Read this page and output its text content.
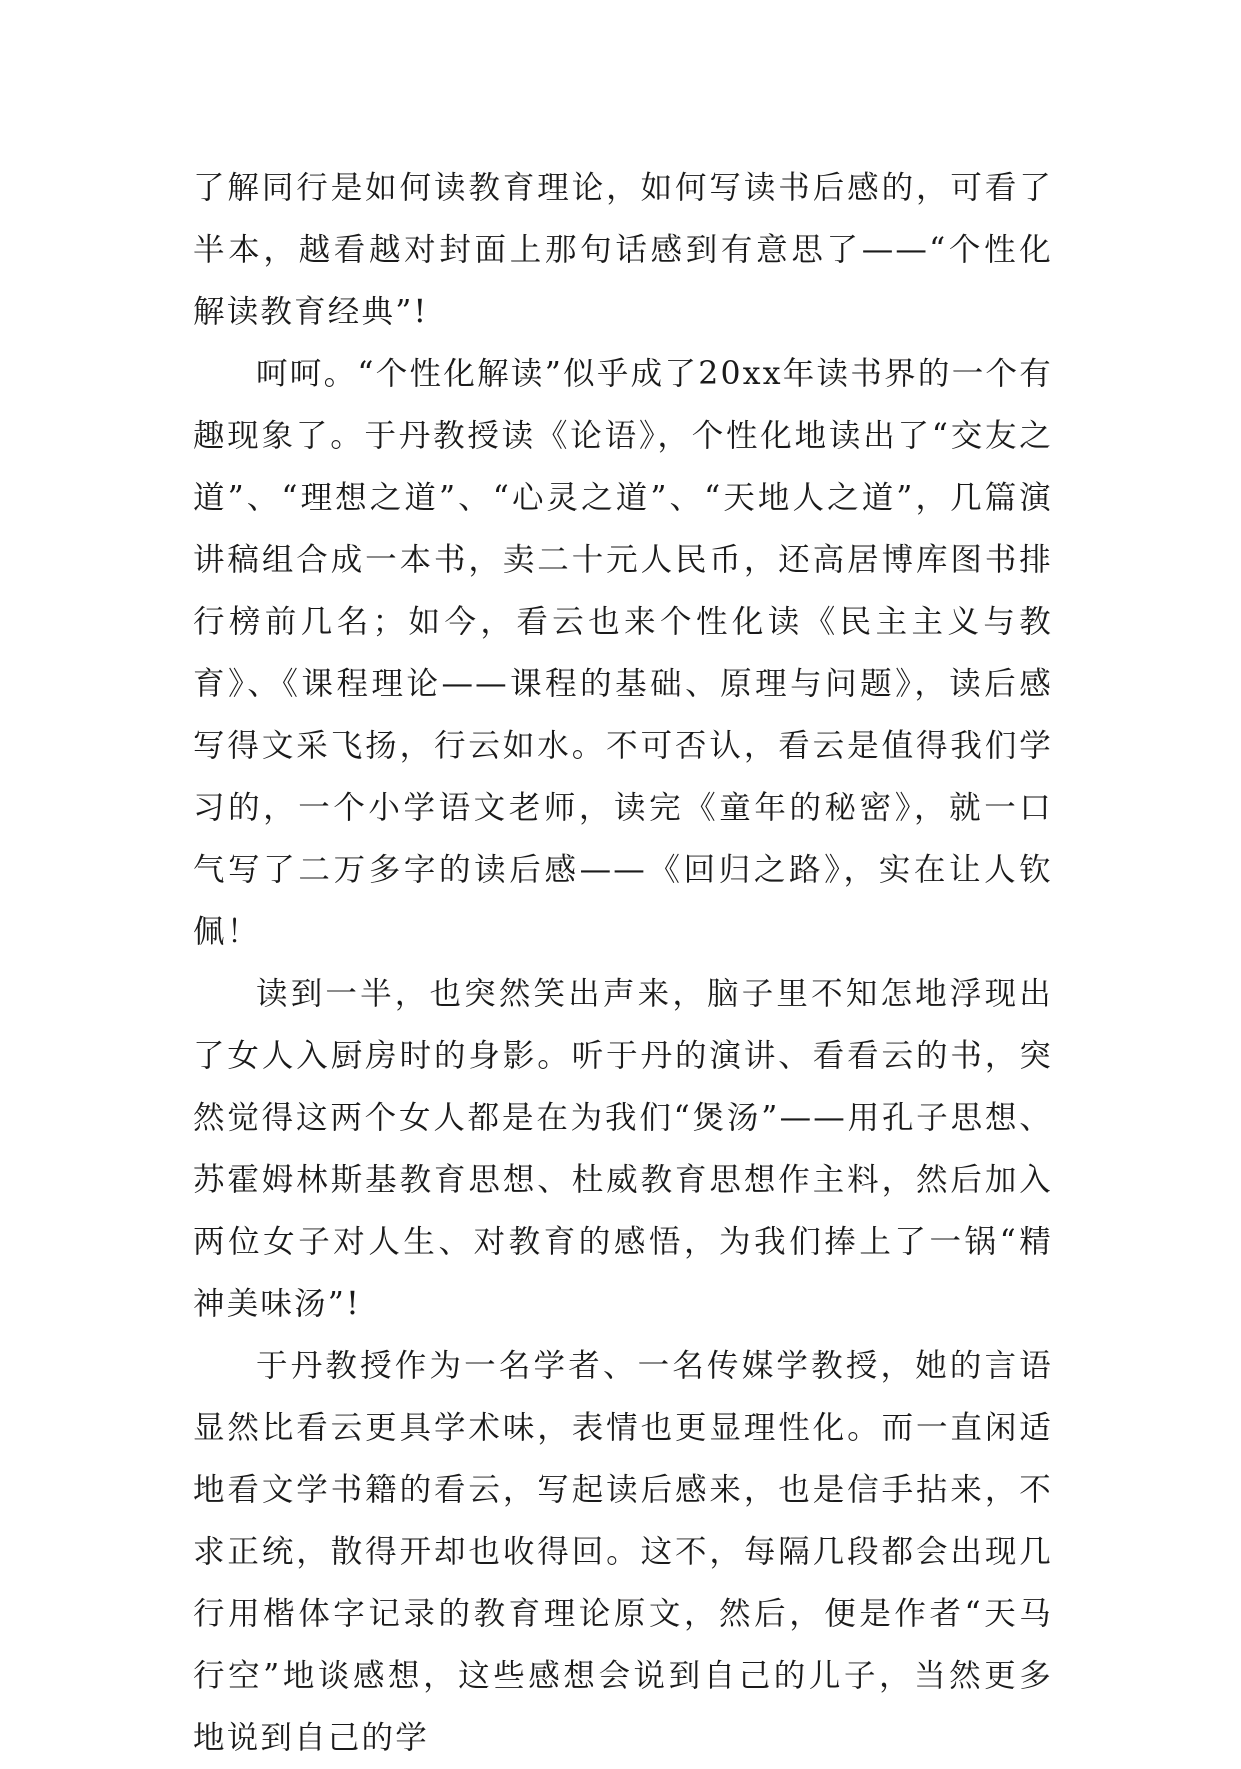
了解同行是如何读教育理论，如何写读书后感的，可看了半本，越看越对封面上那句话感到有意思了——“个性化解读教育经典”!

呵呵。“个性化解读”似乎成了20xx年读书界的一个有趣现象了。于丹教授读《论语》，个性化地读出了“交友之道”、“理想之道”、“心灵之道”、“天地人之道”，几篇演讲稿组合成一本书，卖二十元人民币，还高居博库图书排行榜前几名；如今，看云也来个性化读《民主主义与教育》、《课程理论——课程的基础、原理与问题》，读后感写得文采飞扬，行云如水。不可否认，看云是值得我们学习的，一个小学语文老师，读完《童年的秘密》，就一口气写了二万多字的读后感——《回归之路》，实在让人钦佩！

读到一半，也突然笑出声来，脑子里不知怎地浮现出了女人入厨房时的身影。听于丹的演讲、看看云的书，突然觉得这两个女人都是在为我们“煲汤”——用孔子思想、苏霍姆林斯基教育思想、杜威教育思想作主料，然后加入两位女子对人生、对教育的感悟，为我们捧上了一锅“精神美味汤”!

于丹教授作为一名学者、一名传媒学教授，她的言语显然比看云更具学术味，表情也更显理性化。而一直闲适地看文学书籍的看云，写起读后感来，也是信手拈来，不求正统，散得开却也收得回。这不，每隔几段都会出现几行用楷体字记录的教育理论原文，然后，便是作者“天马行空”地谈感想，这些感想会说到自己的儿子，当然更多地说到自己的学
